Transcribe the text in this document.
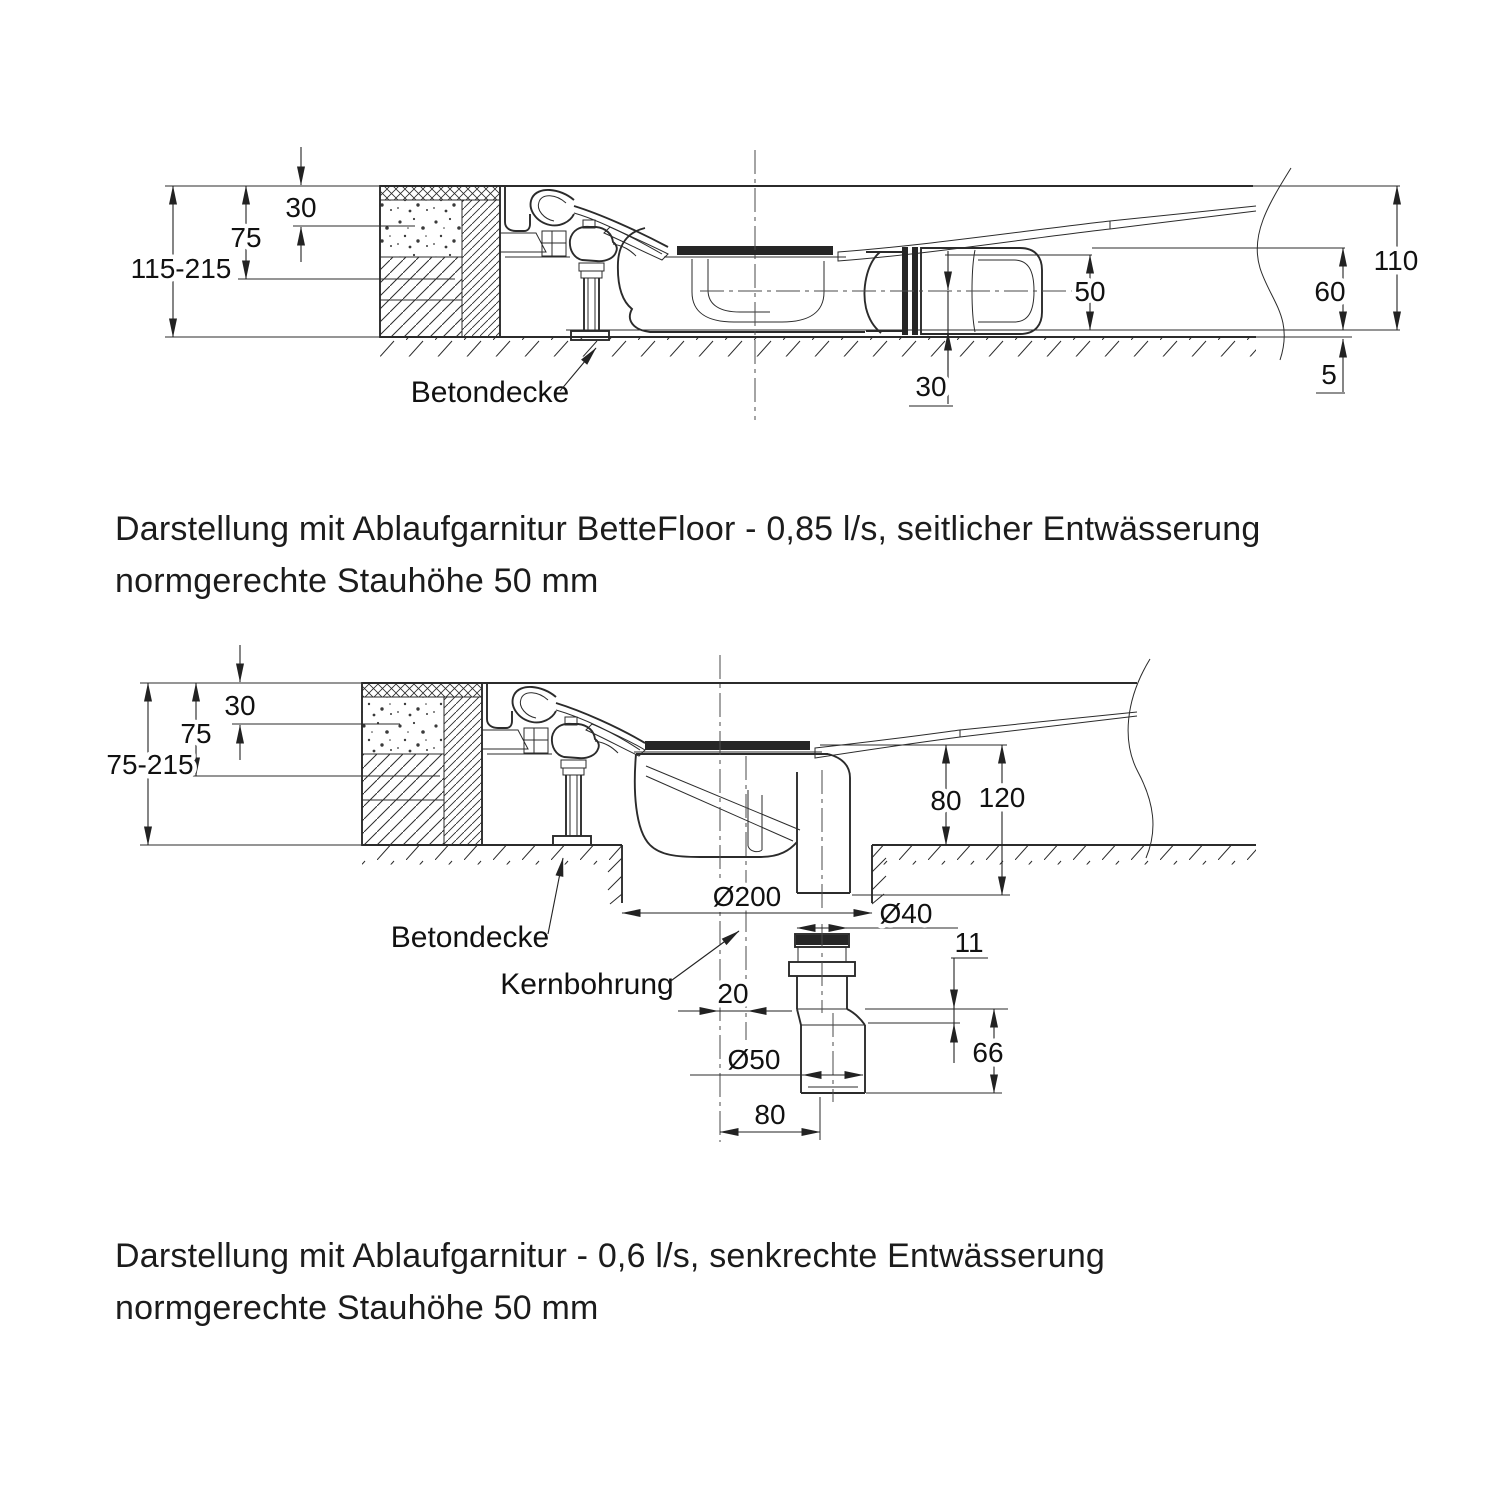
30
75
115-215
50	60
110
5
30
Betondecke
30
75
75-215
80 120
Ø200
Ø40
11
66
20
Ø50
80
Betondecke
Kernbohrung
Darstellung mit Ablaufgarnitur BetteFloor - 0,85 l/s, seitlicher Entwässerung
normgerechte Stauhöhe 50 mm
Darstellung mit Ablaufgarnitur - 0,6 l/s, senkrechte Entwässerung
normgerechte Stauhöhe 50 mm
